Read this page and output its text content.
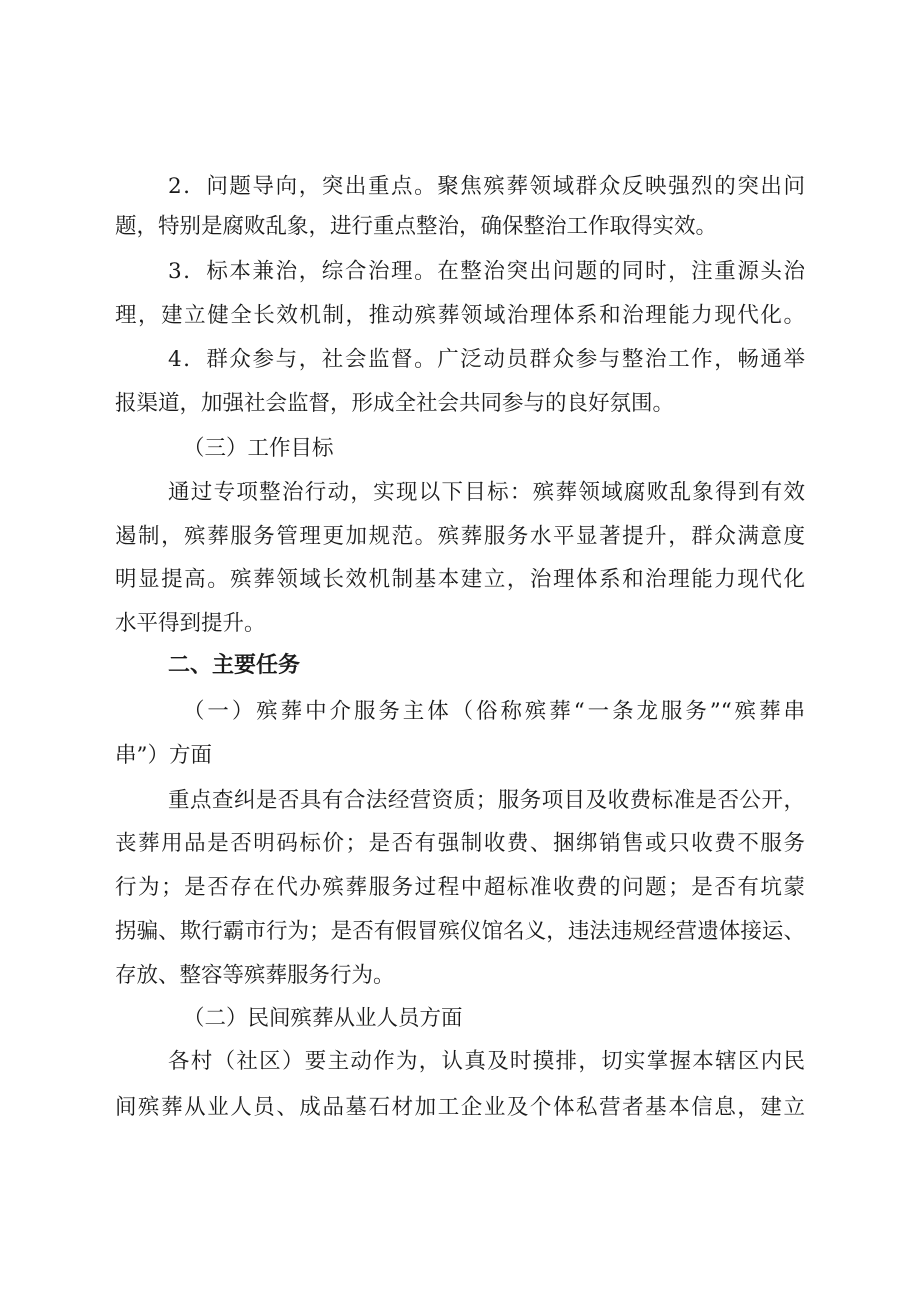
2．问题导向，突出重点。聚焦殡葬领域群众反映强烈的突出问
题，特别是腐败乱象，进行重点整治，确保整治工作取得实效。
3．标本兼治，综合治理。在整治突出问题的同时，注重源头治
理，建立健全长效机制，推动殡葬领域治理体系和治理能力现代化。
4．群众参与，社会监督。广泛动员群众参与整治工作，畅通举
报渠道，加强社会监督，形成全社会共同参与的良好氛围。
（三）工作目标
通过专项整治行动，实现以下目标：殡葬领域腐败乱象得到有效
遏制，殡葬服务管理更加规范。殡葬服务水平显著提升，群众满意度
明显提高。殡葬领域长效机制基本建立，治理体系和治理能力现代化
水平得到提升。
二、主要任务
（一）殡葬中介服务主体（俗称殡葬“一条龙服务”“殡葬串
串”）方面
重点查纠是否具有合法经营资质；服务项目及收费标准是否公开，
丧葬用品是否明码标价；是否有强制收费、捆绑销售或只收费不服务
行为；是否存在代办殡葬服务过程中超标准收费的问题；是否有坑蒙
拐骗、欺行霸市行为；是否有假冒殡仪馆名义，违法违规经营遗体接运、
存放、整容等殡葬服务行为。
（二）民间殡葬从业人员方面
各村（社区）要主动作为，认真及时摸排，切实掌握本辖区内民
间殡葬从业人员、成品墓石材加工企业及个体私营者基本信息，建立
